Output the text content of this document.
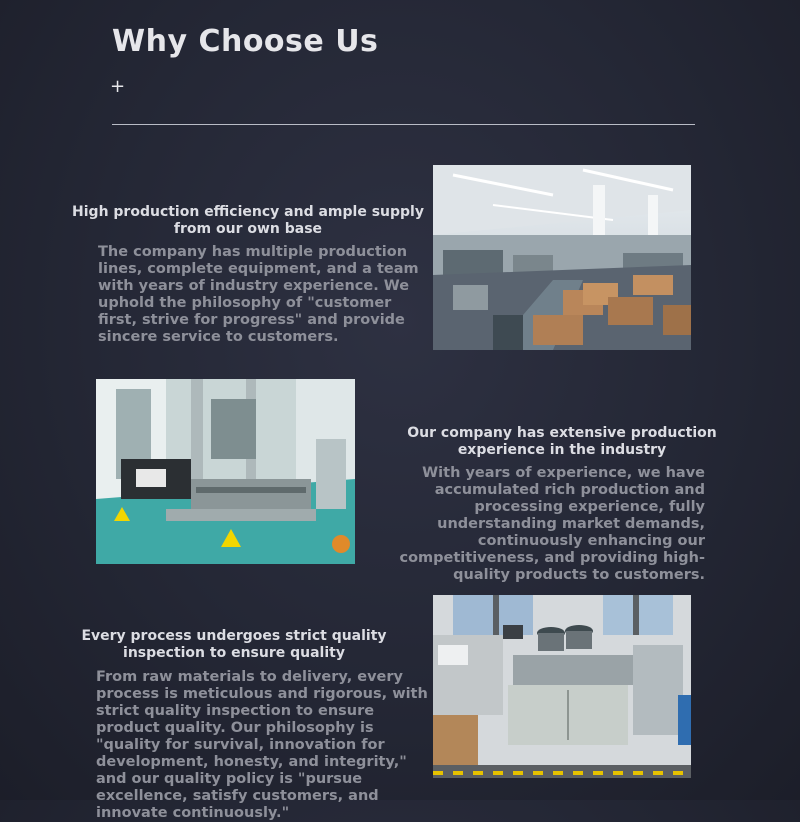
Why Choose Us
+
High production efficiency and ample supply from our own base

The company has multiple production lines, complete equipment, and a team with years of industry experience. We uphold the philosophy of "customer first, strive for progress" and provide sincere service to customers.

Our company has extensive production experience in the industry

With years of experience, we have accumulated rich production and processing experience, fully understanding market demands, continuously enhancing our competitiveness, and providing high-quality products to customers.

Every process undergoes strict quality inspection to ensure quality

From raw materials to delivery, every process is meticulous and rigorous, with strict quality inspection to ensure product quality. Our philosophy is "quality for survival, innovation for development, honesty, and integrity," and our quality policy is "pursue excellence, satisfy customers, and innovate continuously."
